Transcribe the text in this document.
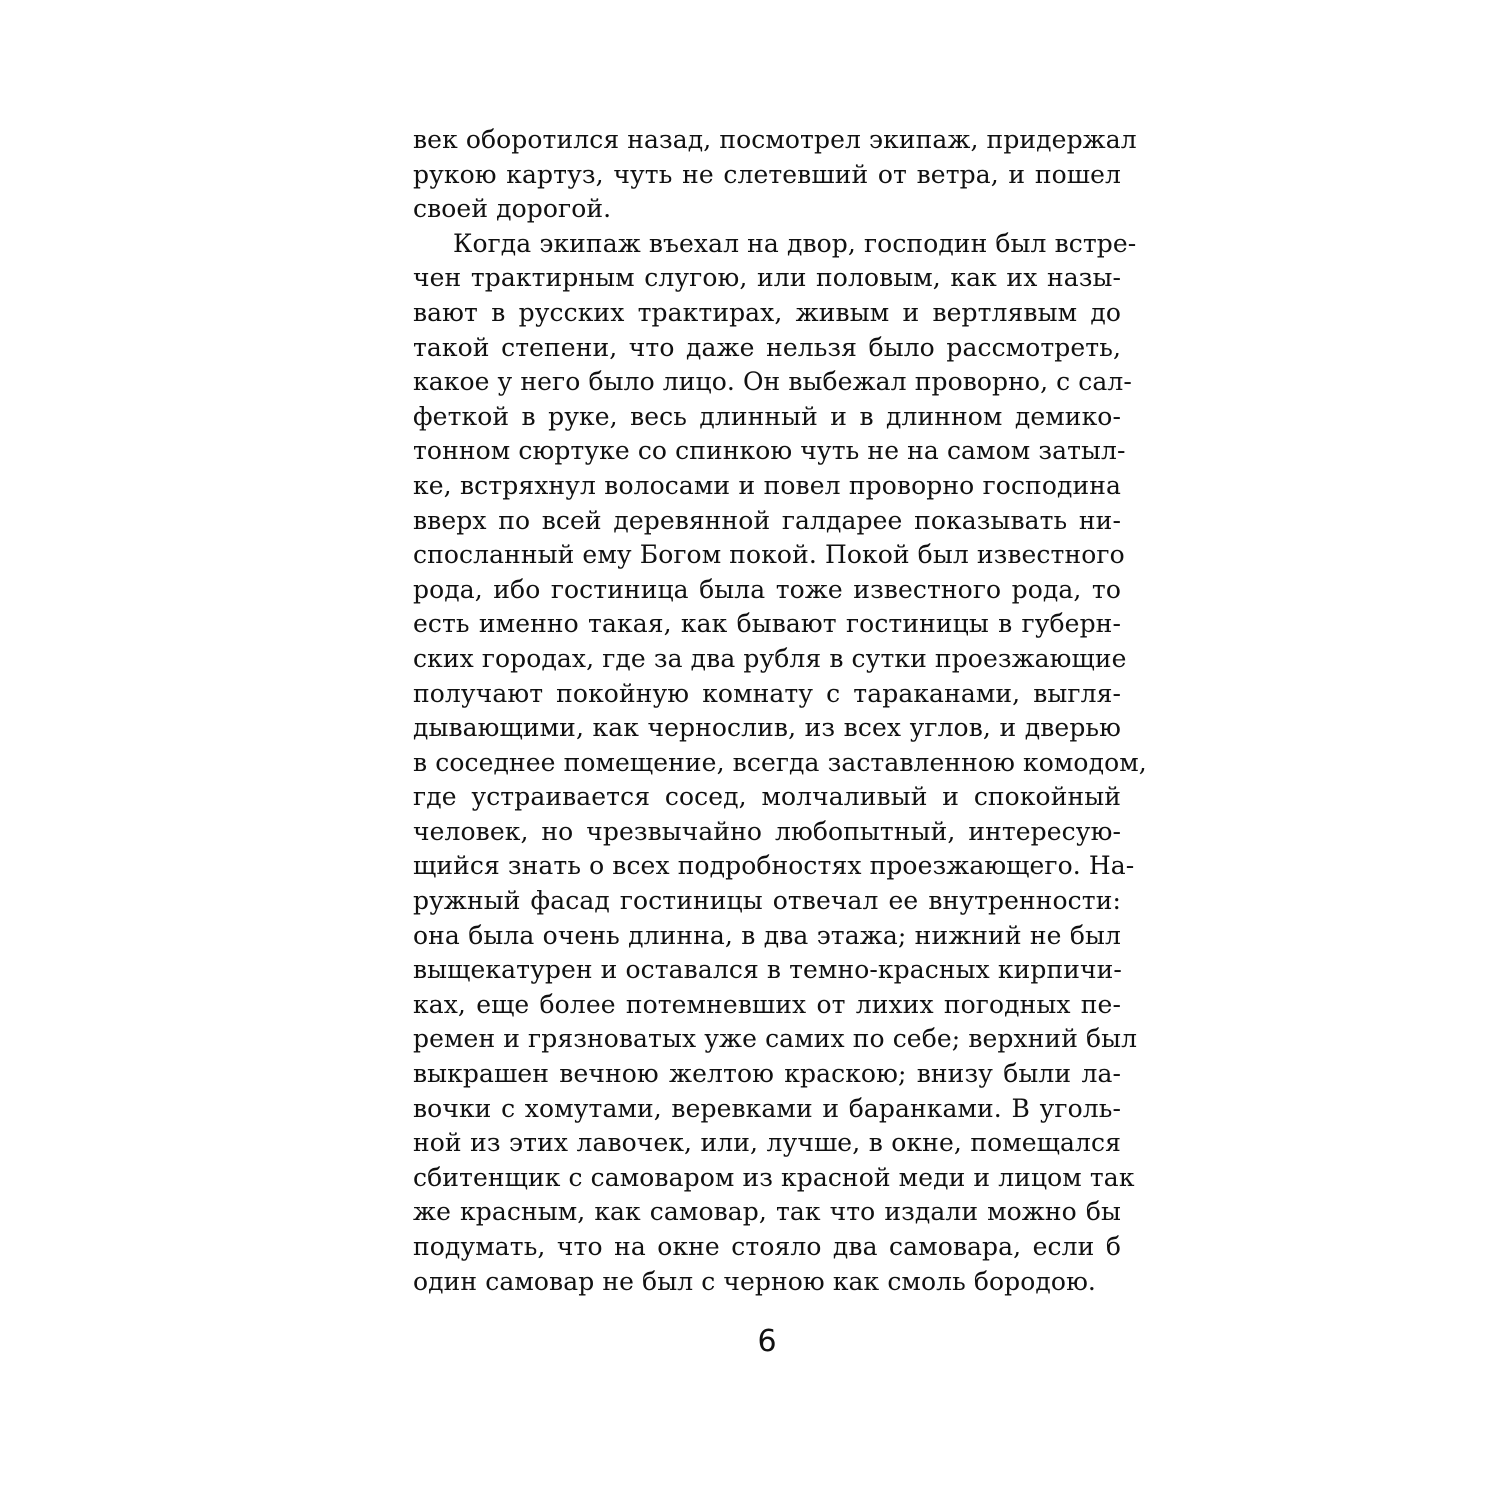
век оборотился назад, посмотрел экипаж, придержал
рукою картуз, чуть не слетевший от ветра, и пошел
своей дорогой.
Когда экипаж въехал на двор, господин был встре-
чен трактирным слугою, или половым, как их назы-
вают в русских трактирах, живым и вертлявым до
такой степени, что даже нельзя было рассмотреть,
какое у него было лицо. Он выбежал проворно, с сал-
феткой в руке, весь длинный и в длинном демико-
тонном сюртуке со спинкою чуть не на самом затыл-
ке, встряхнул волосами и повел проворно господина
вверх по всей деревянной галдарее показывать ни-
спосланный ему Богом покой. Покой был известного
рода, ибо гостиница была тоже известного рода, то
есть именно такая, как бывают гостиницы в губерн-
ских городах, где за два рубля в сутки проезжающие
получают покойную комнату с тараканами, выгля-
дывающими, как чернослив, из всех углов, и дверью
в соседнее помещение, всегда заставленною комодом,
где устраивается сосед, молчаливый и спокойный
человек, но чрезвычайно любопытный, интересую-
щийся знать о всех подробностях проезжающего. На-
ружный фасад гостиницы отвечал ее внутренности:
она была очень длинна, в два этажа; нижний не был
выщекатурен и оставался в темно-красных кирпичи-
ках, еще более потемневших от лихих погодных пе-
ремен и грязноватых уже самих по себе; верхний был
выкрашен вечною желтою краскою; внизу были ла-
вочки с хомутами, веревками и баранками. В уголь-
ной из этих лавочек, или, лучше, в окне, помещался
сбитенщик с самоваром из красной меди и лицом так
же красным, как самовар, так что издали можно бы
подумать, что на окне стояло два самовара, если б
один самовар не был с черною как смоль бородою.
6
